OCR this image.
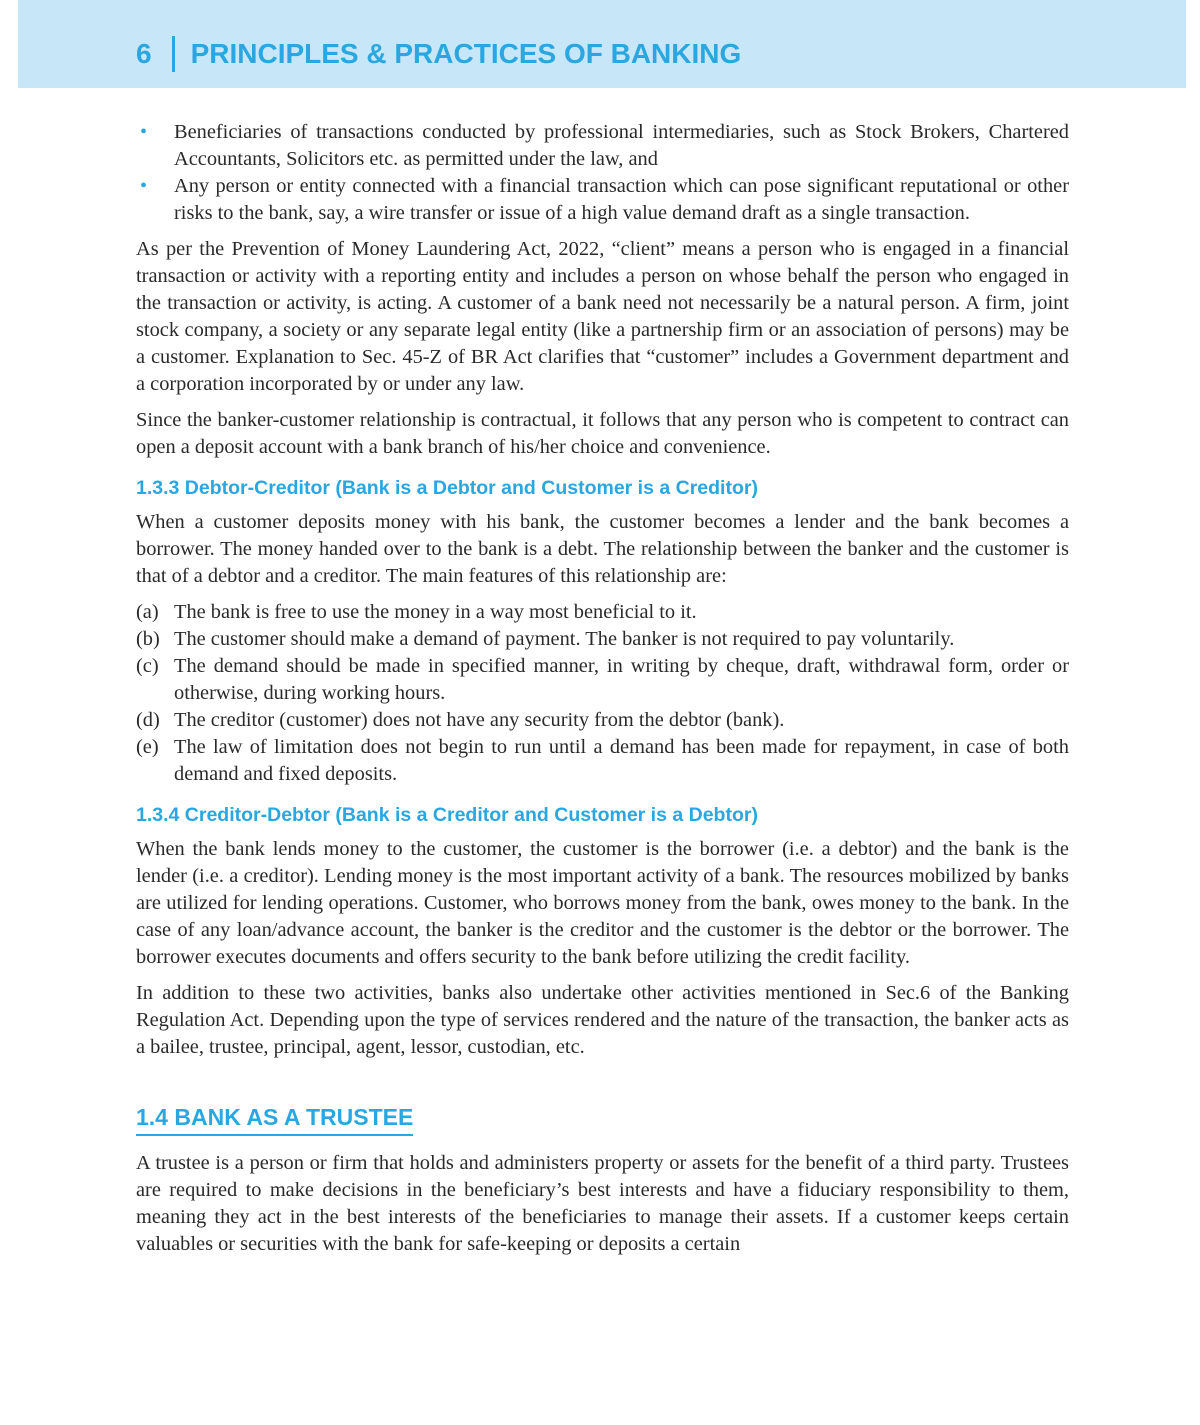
6 PRINCIPLES & PRACTICES OF BANKING
• Beneficiaries of transactions conducted by professional intermediaries, such as Stock Brokers, Chartered Accountants, Solicitors etc. as permitted under the law, and
• Any person or entity connected with a financial transaction which can pose significant reputational or other risks to the bank, say, a wire transfer or issue of a high value demand draft as a single transaction.

As per the Prevention of Money Laundering Act, 2022, “client” means a person who is engaged in a financial transaction or activity with a reporting entity and includes a person on whose behalf the person who engaged in the transaction or activity, is acting. A customer of a bank need not necessarily be a natural person. A firm, joint stock company, a society or any separate legal entity (like a partnership firm or an association of persons) may be a customer. Explanation to Sec. 45-Z of BR Act clarifies that “customer” includes a Government department and a corporation incorporated by or under any law.

Since the banker-customer relationship is contractual, it follows that any person who is competent to contract can open a deposit account with a bank branch of his/her choice and convenience.

1.3.3 Debtor-Creditor (Bank is a Debtor and Customer is a Creditor)

When a customer deposits money with his bank, the customer becomes a lender and the bank becomes a borrower. The money handed over to the bank is a debt. The relationship between the banker and the customer is that of a debtor and a creditor. The main features of this relationship are:

(a) The bank is free to use the money in a way most beneficial to it.
(b) The customer should make a demand of payment. The banker is not required to pay voluntarily.
(c) The demand should be made in specified manner, in writing by cheque, draft, withdrawal form, order or otherwise, during working hours.
(d) The creditor (customer) does not have any security from the debtor (bank).
(e) The law of limitation does not begin to run until a demand has been made for repayment, in case of both demand and fixed deposits.
1.3.4 Creditor-Debtor (Bank is a Creditor and Customer is a Debtor)

When the bank lends money to the customer, the customer is the borrower (i.e. a debtor) and the bank is the lender (i.e. a creditor). Lending money is the most important activity of a bank. The resources mobilized by banks are utilized for lending operations. Customer, who borrows money from the bank, owes money to the bank. In the case of any loan/advance account, the banker is the creditor and the customer is the debtor or the borrower. The borrower executes documents and offers security to the bank before utilizing the credit facility.

In addition to these two activities, banks also undertake other activities mentioned in Sec.6 of the Banking Regulation Act. Depending upon the type of services rendered and the nature of the transaction, the banker acts as a bailee, trustee, principal, agent, lessor, custodian, etc.

1.4 BANK AS A TRUSTEE

A trustee is a person or firm that holds and administers property or assets for the benefit of a third party. Trustees are required to make decisions in the beneficiary’s best interests and have a fiduciary responsibility to them, meaning they act in the best interests of the beneficiaries to manage their assets. If a customer keeps certain valuables or securities with the bank for safe-keeping or deposits a certain
